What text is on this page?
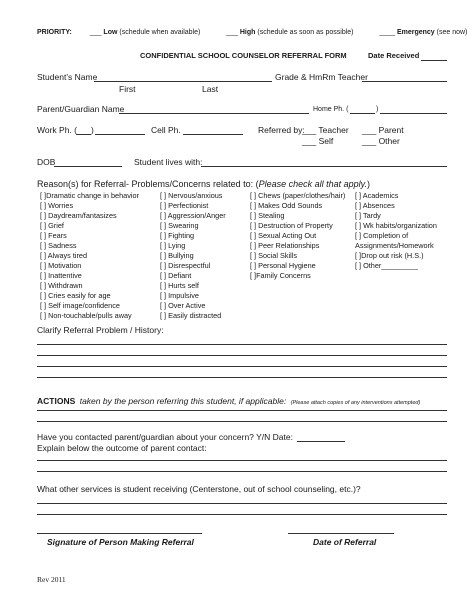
PRIORITY:	___ Low (schedule when available)	___ High (schedule as soon as possible)	____ Emergency (see now)
CONFIDENTIAL SCHOOL COUNSELOR REFERRAL FORM	Date Received
Student’s Name	Grade & HmRm Teacher
First	Last
Parent/Guardian Name	Home Ph. (	)
Work Ph. ( )	Cell Ph.	Referred by:
___ Teacher ___ Parent
___ Self	___ Other
DOB	Student lives with:
Reason(s) for Referral- Problems/Concerns related to: (Please check all that apply.)
[ ]Dramatic change in behavior
[ ] Worries
[ ] Daydream/fantasizes
[ ] Grief
[ ] Fears
[ ] Sadness
[ ] Always tired
[ ] Motivation
[ ] Inattentive
[ ] Withdrawn
[ ] Cries easily for age
[ ] Self image/confidence
[ ] Non-touchable/pulls away
[ ] Nervous/anxious
[ ] Perfectionist
[ ] Aggression/Anger
[ ] Swearing
[ ] Fighting
[ ] Lying
[ ] Bullying
[ ] Disrespectful
[ ] Defiant
[ ] Hurts self
[ ] Impulsive
[ ] Over Active
[ ] Easily distracted
[ ] Chews (paper/clothes/hair)
[ ] Makes Odd Sounds
[ ] Stealing
[ ] Destruction of Property
[ ] Sexual Acting Out
[ ] Peer Relationships
[ ] Social Skills
[ ] Personal Hygiene
[ ]Family Concerns
[ ] Academics
[ ] Absences
[ ] Tardy
[ ] Wk habits/organization
[ ] Completion of
Assignments/Homework
[ ]Drop out risk (H.S.)
[ ] Other_________
Clarify Referral Problem / History:
ACTIONS taken by the person referring this student, if applicable: (Please attach copies of any interventions attempted)
Have you contacted parent/guardian about your concern? Y/N Date:
Explain below the outcome of parent contact:
What other services is student receiving (Centerstone, out of school counseling, etc.)?
Signature of Person Making Referral	Date of Referral
Rev 2011
